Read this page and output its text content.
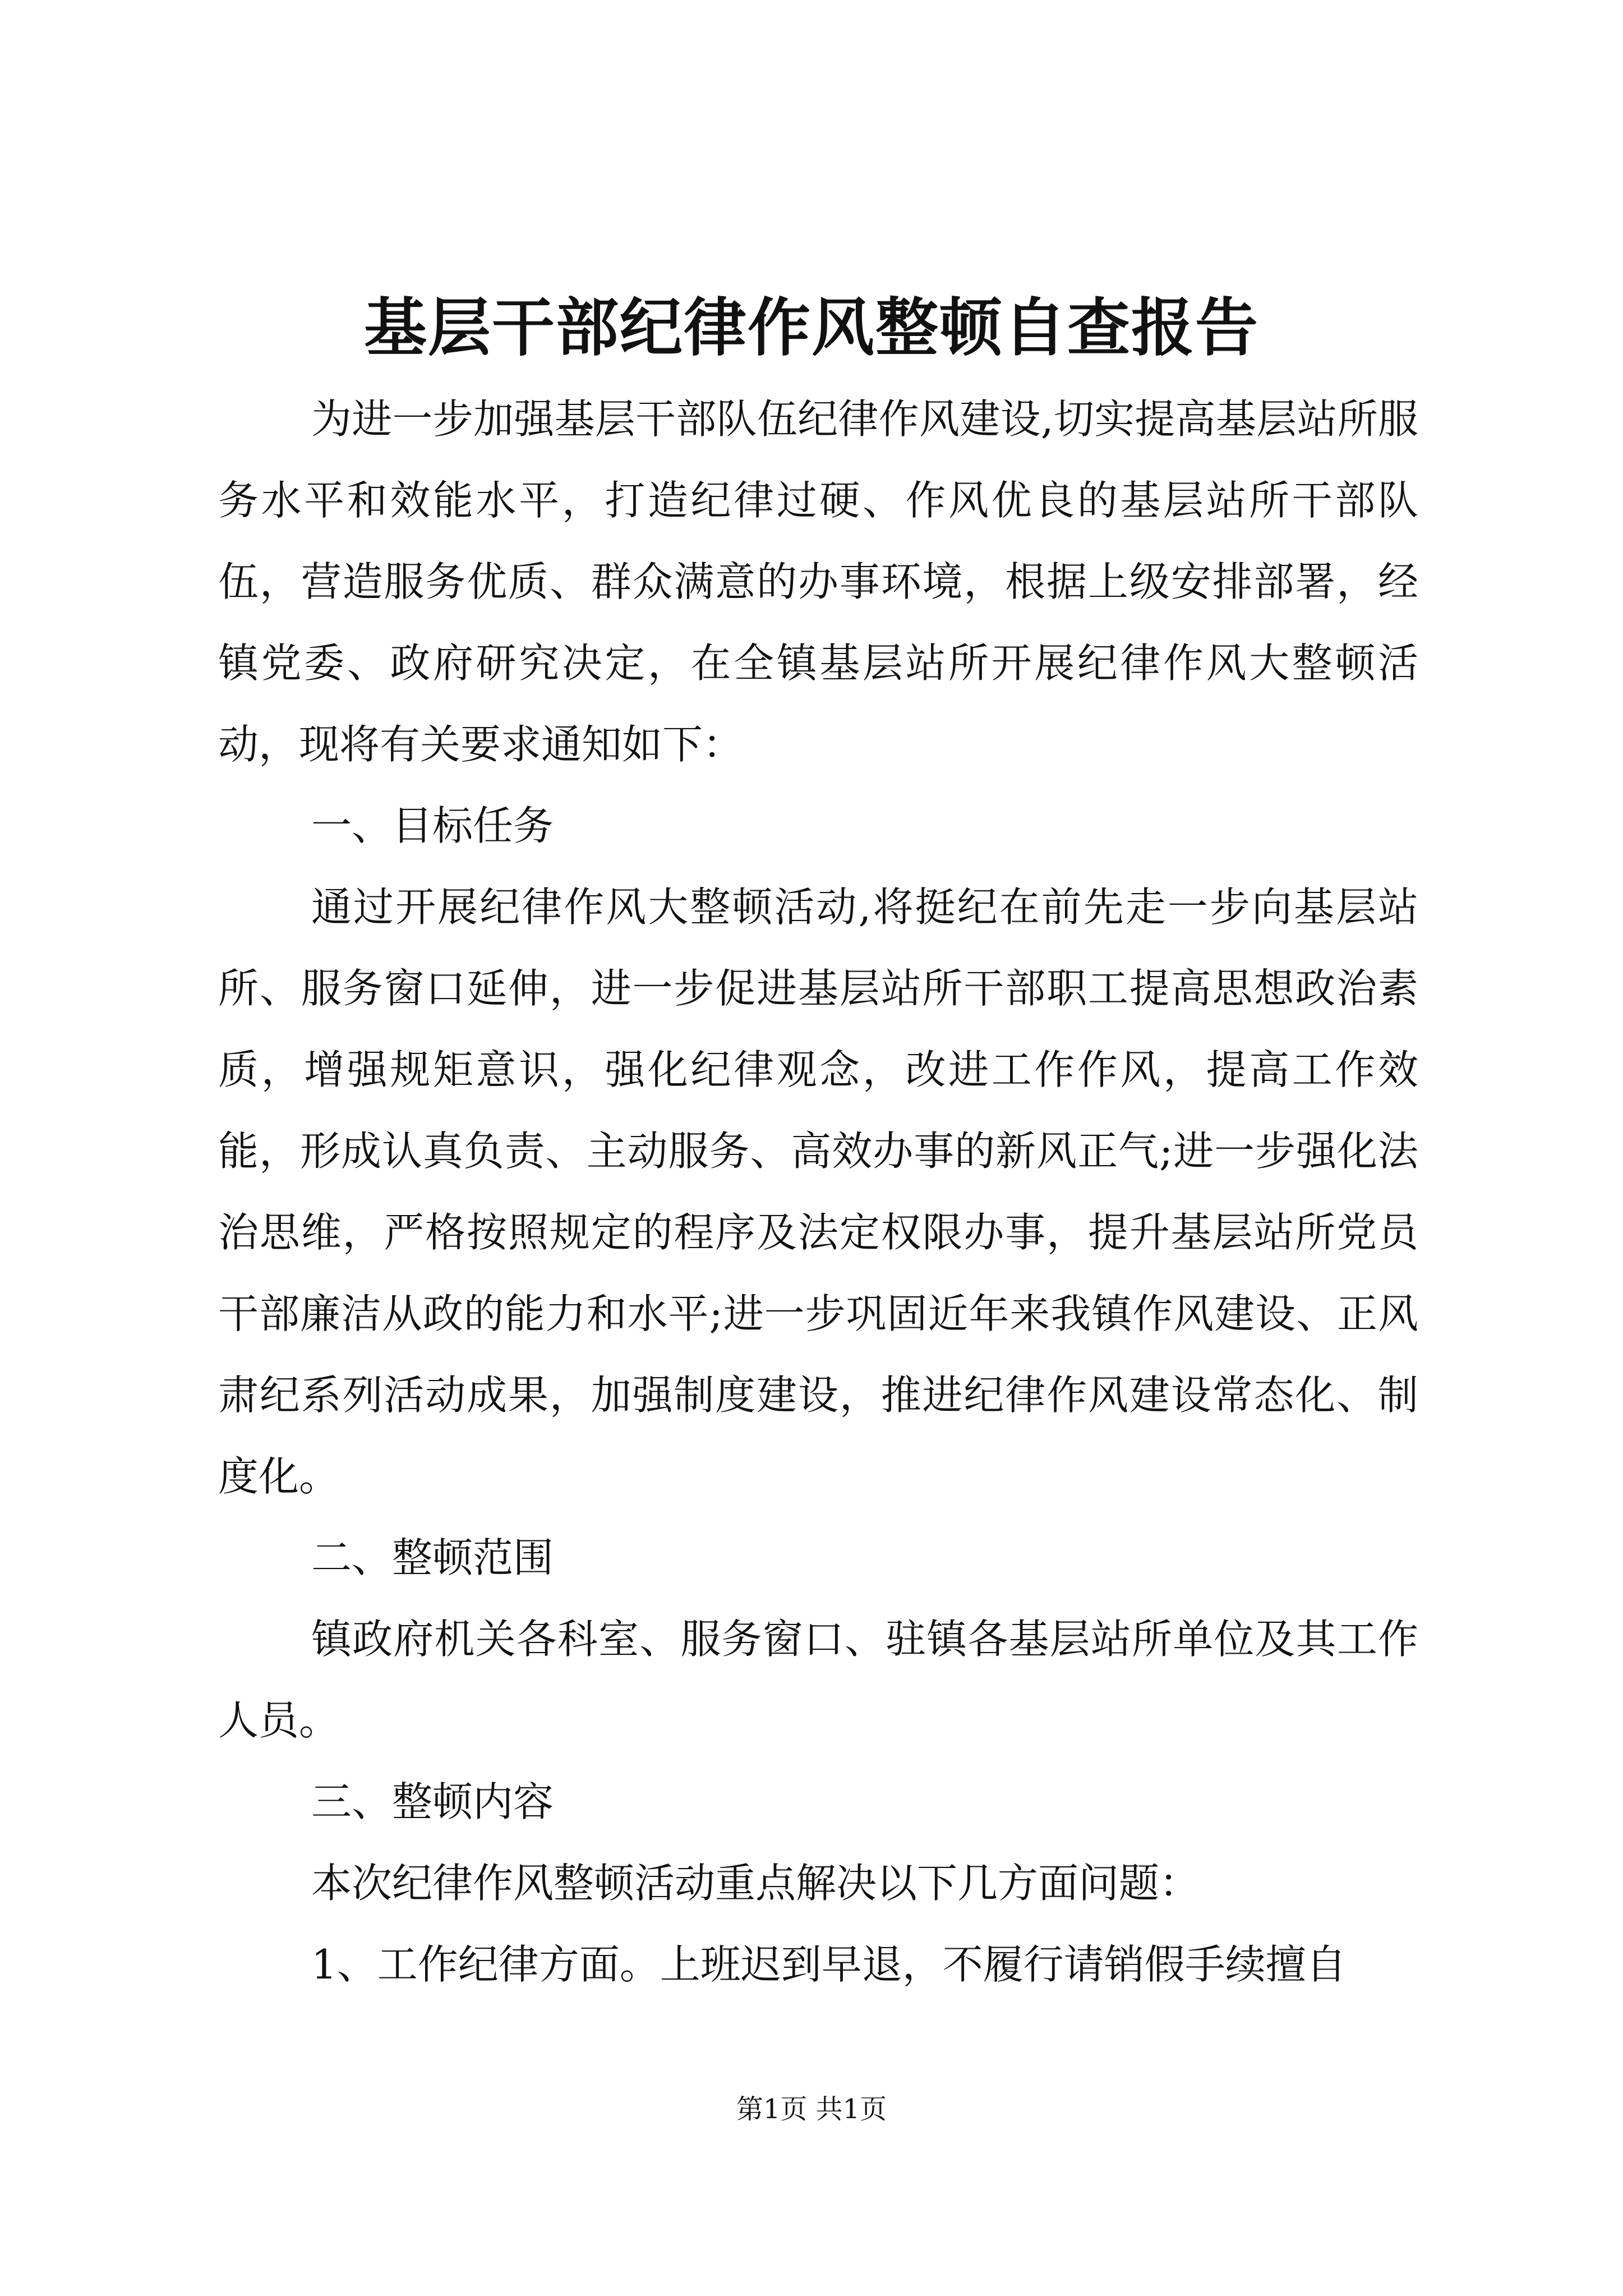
基层干部纪律作风整顿自查报告

为进一步加强基层干部队伍纪律作风建设,切实提高基层站所服务水平和效能水平，打造纪律过硬、作风优良的基层站所干部队伍，营造服务优质、群众满意的办事环境，根据上级安排部署，经镇党委、政府研究决定，在全镇基层站所开展纪律作风大整顿活动，现将有关要求通知如下：

一、目标任务

通过开展纪律作风大整顿活动,将挺纪在前先走一步向基层站所、服务窗口延伸，进一步促进基层站所干部职工提高思想政治素质，增强规矩意识，强化纪律观念，改进工作作风，提高工作效能，形成认真负责、主动服务、高效办事的新风正气;进一步强化法治思维，严格按照规定的程序及法定权限办事，提升基层站所党员干部廉洁从政的能力和水平;进一步巩固近年来我镇作风建设、正风肃纪系列活动成果，加强制度建设，推进纪律作风建设常态化、制度化。

二、整顿范围

镇政府机关各科室、服务窗口、驻镇各基层站所单位及其工作人员。

三、整顿内容

本次纪律作风整顿活动重点解决以下几方面问题：

1、工作纪律方面。上班迟到早退，不履行请销假手续擅自

第1页 共1页
